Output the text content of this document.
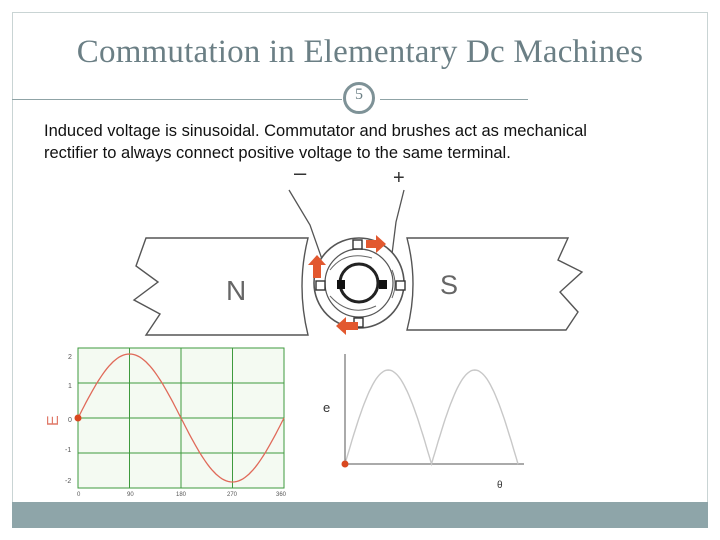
Commutation in Elementary Dc Machines
5
Induced voltage is sinusoidal. Commutator and brushes act as mechanical
rectifier to always connect positive voltage to the same terminal.
–	+
N	S
E
2
1
0
-1
-2
0	90	180	270	360
e
θ
